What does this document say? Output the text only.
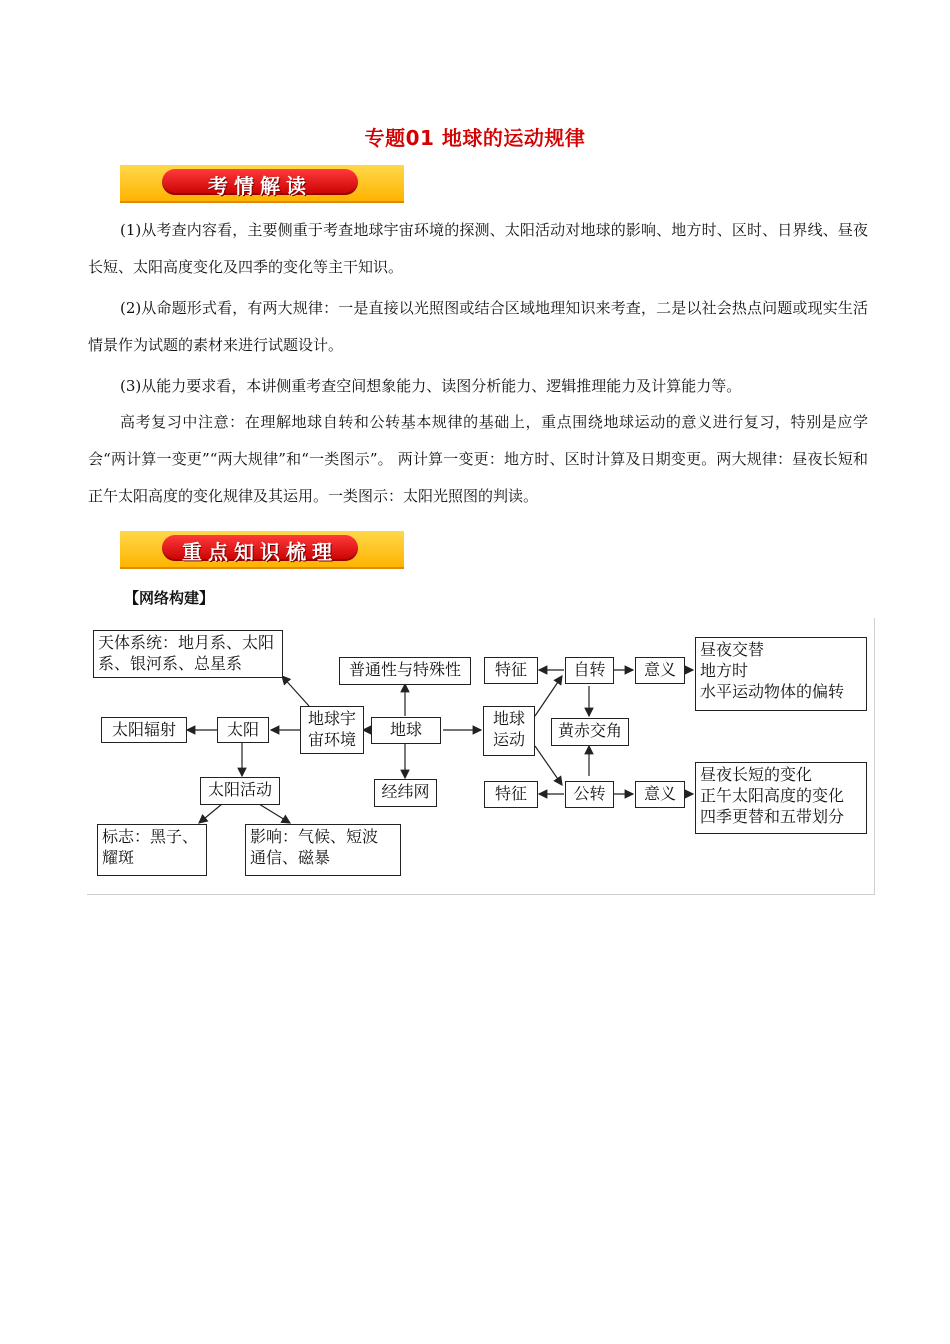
专题01 地球的运动规律
考情解读
(1)从考查内容看，主要侧重于考查地球宇宙环境的探测、太阳活动对地球的影响、地方时、区时、日界线、昼夜长短、太阳高度变化及四季的变化等主干知识。
(2)从命题形式看，有两大规律：一是直接以光照图或结合区域地理知识来考查，二是以社会热点问题或现实生活情景作为试题的素材来进行试题设计。
(3)从能力要求看，本讲侧重考查空间想象能力、读图分析能力、逻辑推理能力及计算能力等。
高考复习中注意：在理解地球自转和公转基本规律的基础上，重点围绕地球运动的意义进行复习，特别是应学会“两计算一变更”“两大规律”和“一类图示”。 两计算一变更：地方时、区时计算及日期变更。两大规律：昼夜长短和正午太阳高度的变化规律及其运用。一类图示：太阳光照图的判读。
重点知识梳理
【网络构建】
天体系统：地月系、太阳
系、银河系、总星系
太阳辐射	太阳
地球宇
宙环境
普通性与特殊性
地球
经纬网
太阳活动
标志：黑子、
耀斑
影响：气候、短波
通信、磁暴
地球
运动
特征	自转	意义
昼夜交替
地方时
水平运动物体的偏转
黄赤交角
特征	公转	意义
昼夜长短的变化
正午太阳高度的变化
四季更替和五带划分
